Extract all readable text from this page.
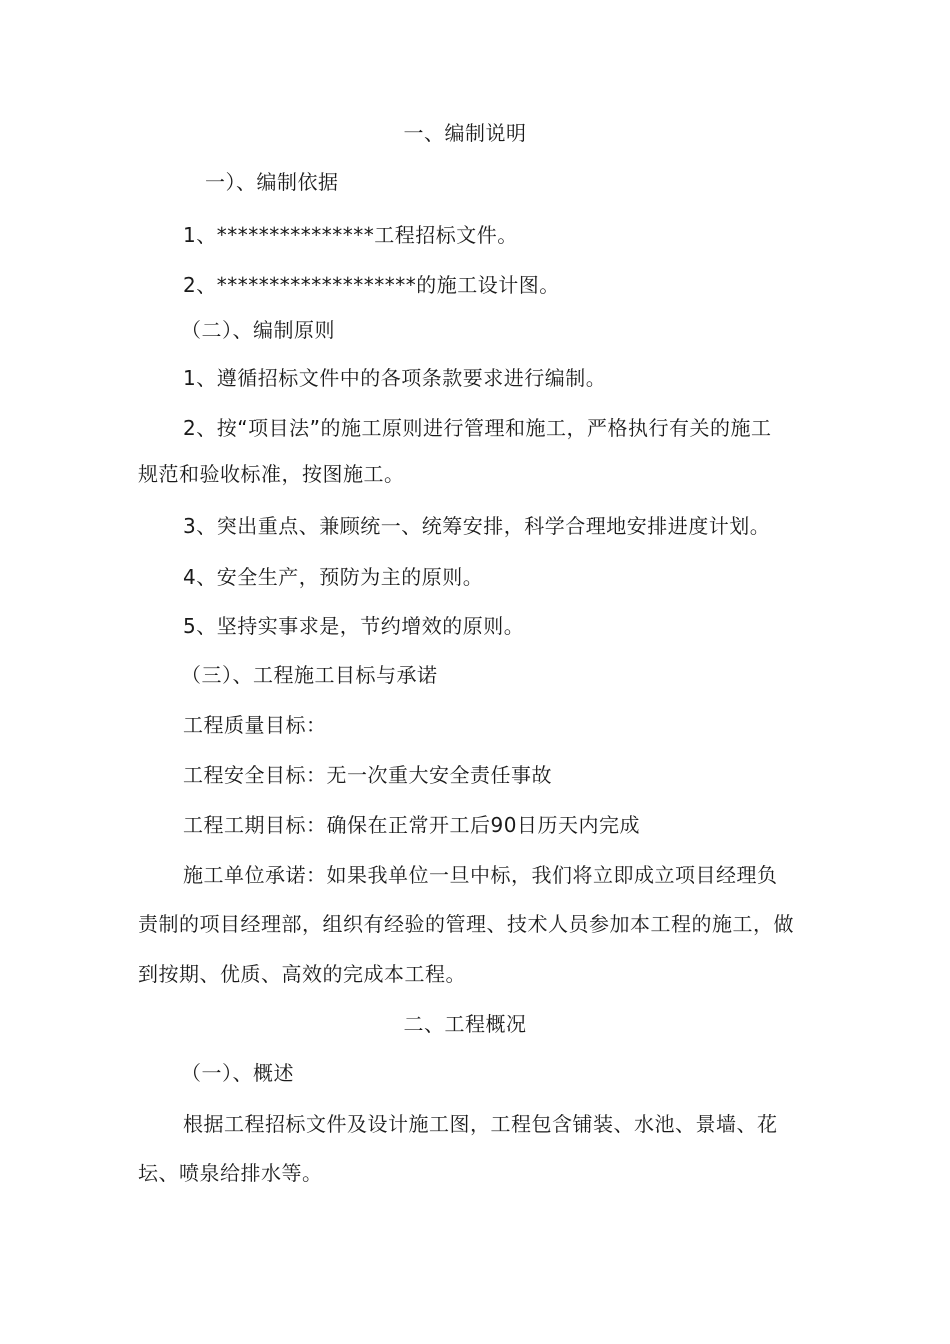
一、编制说明
一）、编制依据
1、***************工程招标文件。
2、*******************的施工设计图。
（二）、编制原则
1、遵循招标文件中的各项条款要求进行编制。
2、按“项目法”的施工原则进行管理和施工，严格执行有关的施工
规范和验收标准，按图施工。
3、突出重点、兼顾统一、统筹安排，科学合理地安排进度计划。
4、安全生产，预防为主的原则。
5、坚持实事求是，节约增效的原则。
（三）、工程施工目标与承诺
工程质量目标：
工程安全目标：无一次重大安全责任事故
工程工期目标：确保在正常开工后90日历天内完成
施工单位承诺：如果我单位一旦中标，我们将立即成立项目经理负
责制的项目经理部，组织有经验的管理、技术人员参加本工程的施工，做
到按期、优质、高效的完成本工程。
二、工程概况
（一）、概述
根据工程招标文件及设计施工图，工程包含铺装、水池、景墙、花
坛、喷泉给排水等。
